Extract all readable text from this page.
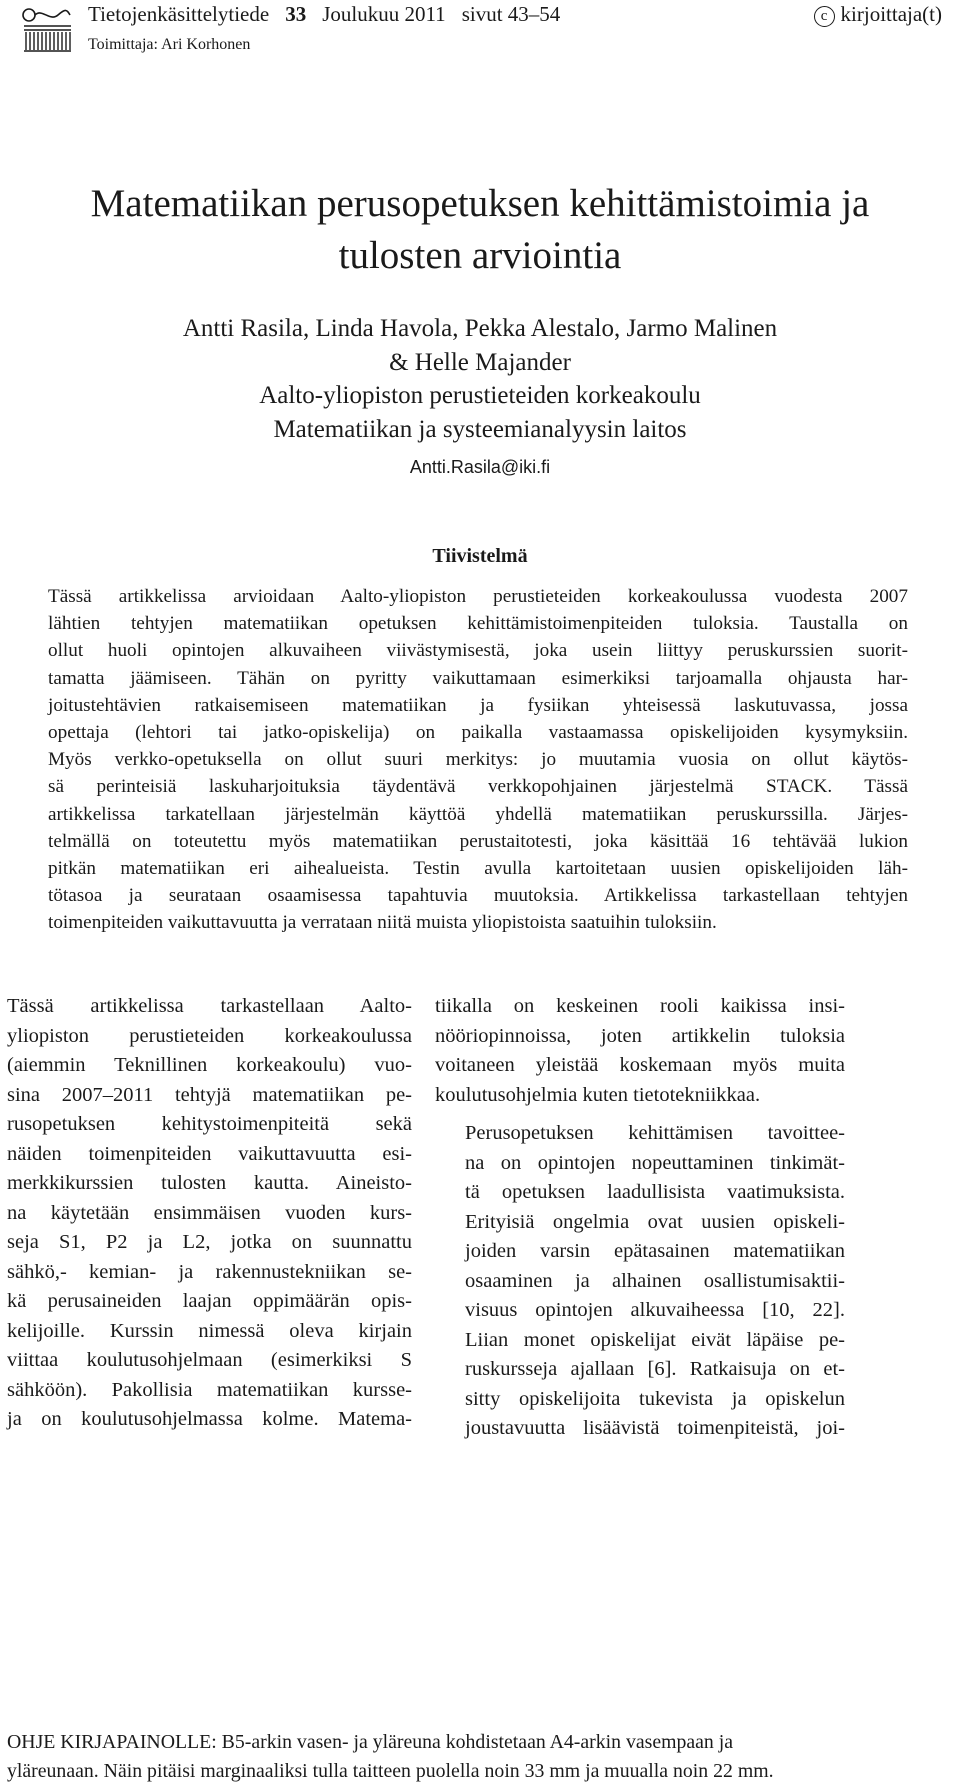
Tietojenkäsittelytiede 33 Joulukuu 2011 sivut 43–54	c kirjoittaja(t)
Toimittaja: Ari Korhonen
Matematiikan perusopetuksen kehittämistoimia ja
tulosten arviointia
Antti Rasila, Linda Havola, Pekka Alestalo, Jarmo Malinen
& Helle Majander
Aalto-yliopiston perustieteiden korkeakoulu
Matematiikan ja systeemianalyysin laitos
Antti.Rasila@iki.fi
Tiivistelmä
Tässä artikkelissa arvioidaan Aalto-yliopiston perustieteiden korkeakoulussa vuodesta 2007
lähtien tehtyjen matematiikan opetuksen kehittämistoimenpiteiden tuloksia. Taustalla on
ollut huoli opintojen alkuvaiheen viivästymisestä, joka usein liittyy peruskurssien suorit-
tamatta jäämiseen. Tähän on pyritty vaikuttamaan esimerkiksi tarjoamalla ohjausta har-
joitustehtävien ratkaisemiseen matematiikan ja fysiikan yhteisessä laskutuvassa, jossa
opettaja (lehtori tai jatko-opiskelija) on paikalla vastaamassa opiskelijoiden kysymyksiin.
Myös verkko-opetuksella on ollut suuri merkitys: jo muutamia vuosia on ollut käytös-
sä perinteisiä laskuharjoituksia täydentävä verkkopohjainen järjestelmä STACK. Tässä
artikkelissa tarkatellaan järjestelmän käyttöä yhdellä matematiikan peruskurssilla. Järjes-
telmällä on toteutettu myös matematiikan perustaitotesti, joka käsittää 16 tehtävää lukion
pitkän matematiikan eri aihealueista. Testin avulla kartoitetaan uusien opiskelijoiden läh-
tötasoa ja seurataan osaamisessa tapahtuvia muutoksia. Artikkelissa tarkastellaan tehtyjen
toimenpiteiden vaikuttavuutta ja verrataan niitä muista yliopistoista saatuihin tuloksiin.

Tässä artikkelissa tarkastellaan Aalto-
yliopiston perustieteiden korkeakoulussa
(aiemmin Teknillinen korkeakoulu) vuo-
sina 2007–2011 tehtyjä matematiikan pe-
rusopetuksen kehitystoimenpiteitä sekä
näiden toimenpiteiden vaikuttavuutta esi-
merkkikurssien tulosten kautta. Aineisto-
na käytetään ensimmäisen vuoden kurs-
seja S1, P2 ja L2, jotka on suunnattu
sähkö,- kemian- ja rakennustekniikan se-
kä perusaineiden laajan oppimäärän opis-
kelijoille. Kurssin nimessä oleva kirjain
viittaa koulutusohjelmaan (esimerkiksi S
sähköön). Pakollisia matematiikan kursse-
ja on koulutusohjelmassa kolme. Matema-

tiikalla on keskeinen rooli kaikissa insi-
nööriopinnoissa, joten artikkelin tuloksia
voitaneen yleistää koskemaan myös muita
koulutusohjelmia kuten tietotekniikkaa.

Perusopetuksen kehittämisen tavoittee-
na on opintojen nopeuttaminen tinkimät-
tä opetuksen laadullisista vaatimuksista.
Erityisiä ongelmia ovat uusien opiskeli-
joiden varsin epätasainen matematiikan
osaaminen ja alhainen osallistumisaktii-
visuus opintojen alkuvaiheessa [10, 22].
Liian monet opiskelijat eivät läpäise pe-
ruskursseja ajallaan [6]. Ratkaisuja on et-
sitty opiskelijoita tukevista ja opiskelun
joustavuutta lisäävistä toimenpiteistä, joi-

OHJE KIRJAPAINOLLE: B5-arkin vasen- ja yläreuna kohdistetaan A4-arkin vasempaan ja
yläreunaan. Näin pitäisi marginaaliksi tulla taitteen puolella noin 33 mm ja muualla noin 22 mm.
